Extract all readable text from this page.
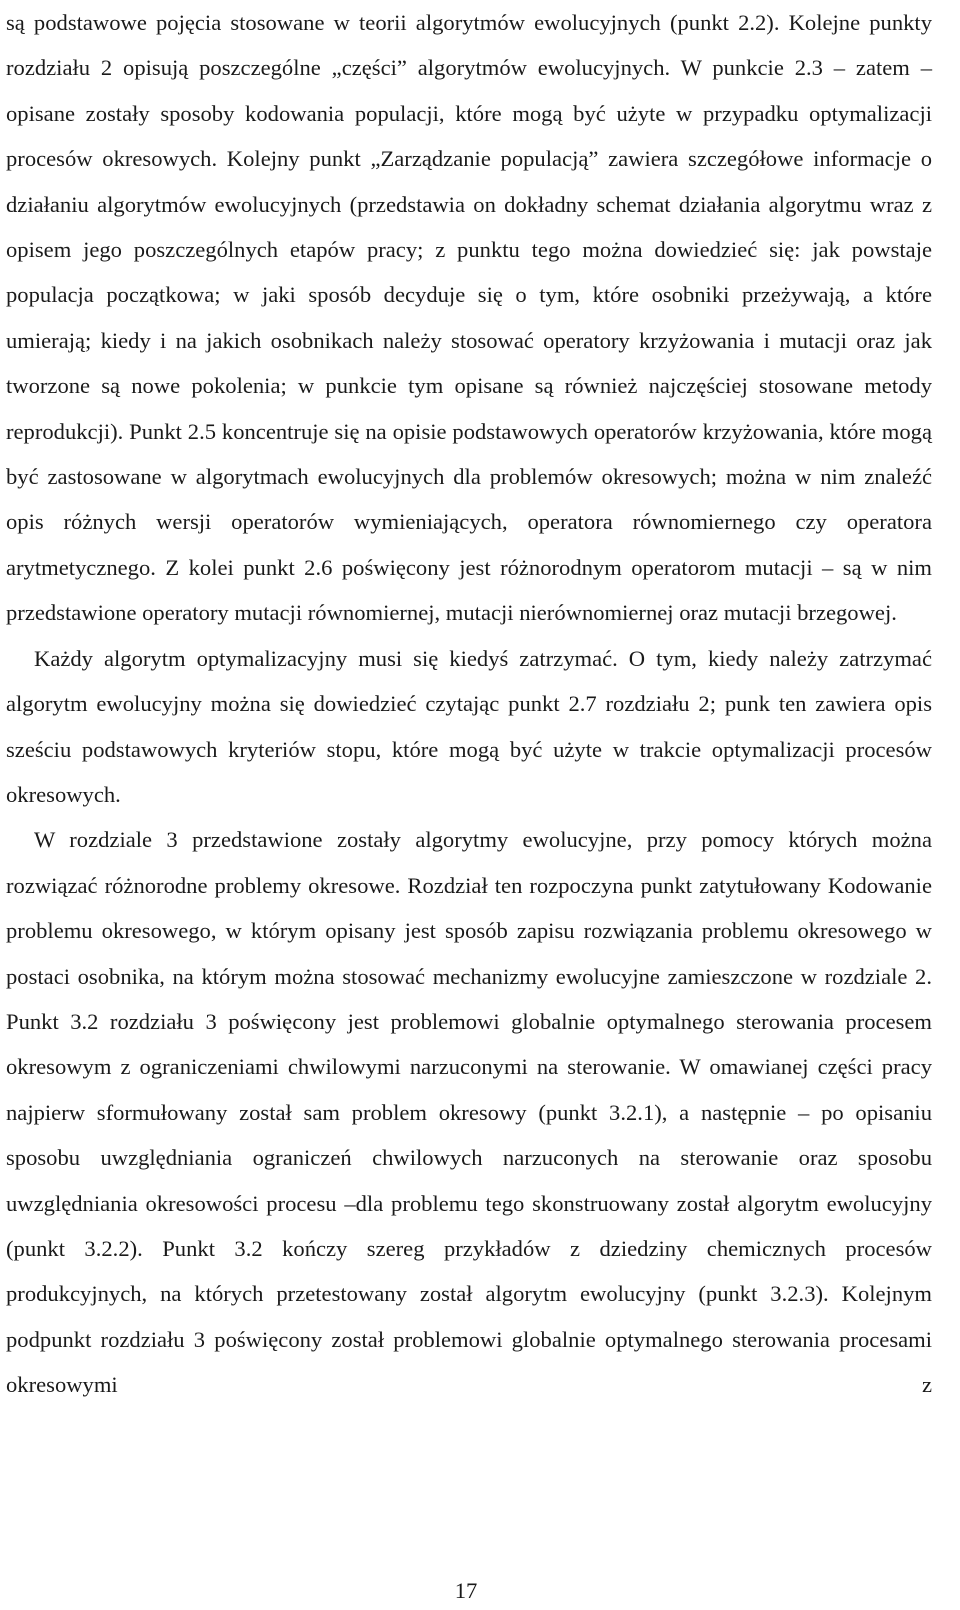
są podstawowe pojęcia stosowane w teorii algorytmów ewolucyjnych (punkt 2.2). Kolejne punkty rozdziału 2 opisują poszczególne „części” algorytmów ewolucyjnych. W punkcie 2.3 – zatem – opisane zostały sposoby kodowania populacji, które mogą być użyte w przypadku optymalizacji procesów okresowych. Kolejny punkt „Zarządzanie populacją” zawiera szczegółowe informacje o działaniu algorytmów ewolucyjnych (przedstawia on dokładny schemat działania algorytmu wraz z opisem jego poszczególnych etapów pracy; z punktu tego można dowiedzieć się: jak powstaje populacja początkowa; w jaki sposób decyduje się o tym, które osobniki przeżywają, a które umierają; kiedy i na jakich osobnikach należy stosować operatory krzyżowania i mutacji oraz jak tworzone są nowe pokolenia; w punkcie tym opisane są również najczęściej stosowane metody reprodukcji). Punkt 2.5 koncentruje się na opisie podstawowych operatorów krzyżowania, które mogą być zastosowane w algorytmach ewolucyjnych dla problemów okresowych; można w nim znaleźć opis różnych wersji operatorów wymieniających, operatora równomiernego czy operatora arytmetycznego. Z kolei punkt 2.6 poświęcony jest różnorodnym operatorom mutacji – są w nim przedstawione operatory mutacji równomiernej, mutacji nierównomiernej oraz mutacji brzegowej.

Każdy algorytm optymalizacyjny musi się kiedyś zatrzymać. O tym, kiedy należy zatrzymać algorytm ewolucyjny można się dowiedzieć czytając punkt 2.7 rozdziału 2; punk ten zawiera opis sześciu podstawowych kryteriów stopu, które mogą być użyte w trakcie optymalizacji procesów okresowych.

W rozdziale 3 przedstawione zostały algorytmy ewolucyjne, przy pomocy których można rozwiązać różnorodne problemy okresowe. Rozdział ten rozpoczyna punkt zatytułowany Kodowanie problemu okresowego, w którym opisany jest sposób zapisu rozwiązania problemu okresowego w postaci osobnika, na którym można stosować mechanizmy ewolucyjne zamieszczone w rozdziale 2. Punkt 3.2 rozdziału 3 poświęcony jest problemowi globalnie optymalnego sterowania procesem okresowym z ograniczeniami chwilowymi narzuconymi na sterowanie. W omawianej części pracy najpierw sformułowany został sam problem okresowy (punkt 3.2.1), a następnie – po opisaniu sposobu uwzględniania ograniczeń chwilowych narzuconych na sterowanie oraz sposobu uwzględniania okresowości procesu –dla problemu tego skonstruowany został algorytm ewolucyjny (punkt 3.2.2). Punkt 3.2 kończy szereg przykładów z dziedziny chemicznych procesów produkcyjnych, na których przetestowany został algorytm ewolucyjny (punkt 3.2.3). Kolejnym podpunkt rozdziału 3 poświęcony został problemowi globalnie optymalnego sterowania procesami okresowymi z

17
